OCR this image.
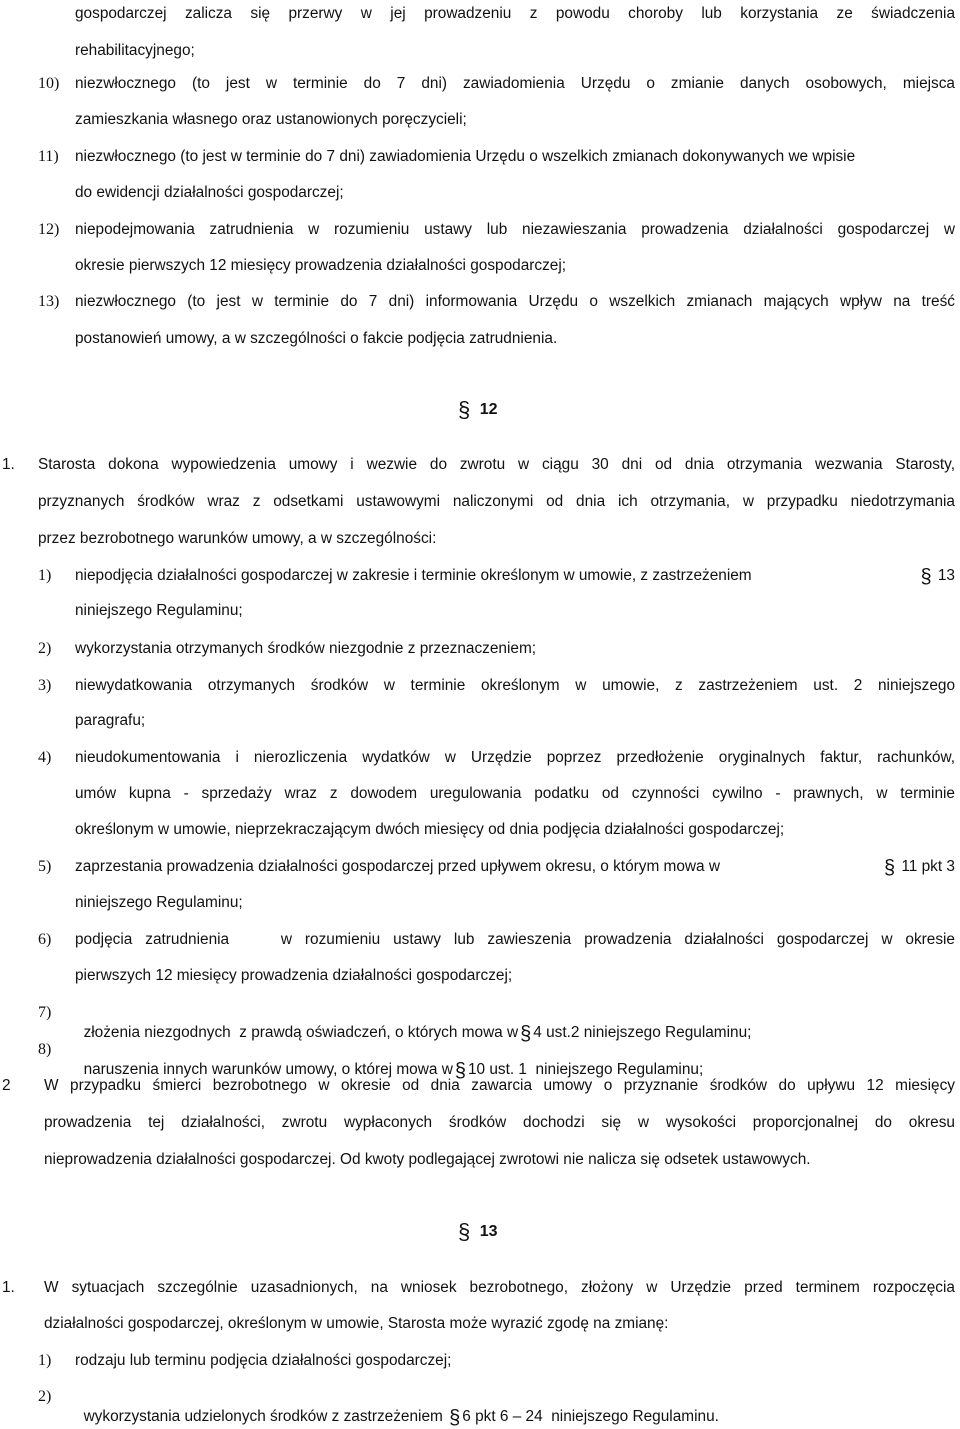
gospodarczej zalicza się przerwy w jej prowadzeniu z powodu choroby lub korzystania ze świadczenia
rehabilitacyjnego;
10) niezwłocznego (to jest w terminie do 7 dni) zawiadomienia Urzędu o zmianie danych osobowych, miejsca
zamieszkania własnego oraz ustanowionych poręczycieli;
11) niezwłocznego (to jest w terminie do 7 dni) zawiadomienia Urzędu o wszelkich zmianach dokonywanych we wpisie
do ewidencji działalności gospodarczej;
12) niepodejmowania zatrudnienia w rozumieniu ustawy lub niezawieszania prowadzenia działalności gospodarczej w
okresie pierwszych 12 miesięcy prowadzenia działalności gospodarczej;
13) niezwłocznego (to jest w terminie do 7 dni) informowania Urzędu o wszelkich zmianach mających wpływ na treść
postanowień umowy, a w szczególności o fakcie podjęcia zatrudnienia.
§ 12
1. Starosta dokona wypowiedzenia umowy i wezwie do zwrotu w ciągu 30 dni od dnia otrzymania wezwania Starosty,
przyznanych środków wraz z odsetkami ustawowymi naliczonymi od dnia ich otrzymania, w przypadku niedotrzymania
przez bezrobotnego warunków umowy, a w szczególności:
1) niepodjęcia działalności gospodarczej w zakresie i terminie określonym w umowie, z zastrzeżeniem	§ 13
niniejszego Regulaminu;
2) wykorzystania otrzymanych środków niezgodnie z przeznaczeniem;
3) niewydatkowania otrzymanych środków w terminie określonym w umowie, z zastrzeżeniem ust. 2 niniejszego
paragrafu;
4) nieudokumentowania i nierozliczenia wydatków w Urzędzie poprzez przedłożenie oryginalnych faktur, rachunków,
umów kupna - sprzedaży wraz z dowodem uregulowania podatku od czynności cywilno - prawnych, w terminie
określonym w umowie, nieprzekraczającym dwóch miesięcy od dnia podjęcia działalności gospodarczej;
5) zaprzestania prowadzenia działalności gospodarczej przed upływem okresu, o którym mowa w	§ 11 pkt 3
niniejszego Regulaminu;
6) podjęcia zatrudnienia    w rozumieniu ustawy lub zawieszenia prowadzenia działalności gospodarczej w okresie
pierwszych 12 miesięcy prowadzenia działalności gospodarczej;
7)

złożenia niezgodnych  z prawdą oświadczeń, o których mowa w § 4 ust.2 niniejszego Regulaminu;

8)

naruszenia innych warunków umowy, o której mowa w § 10 ust. 1  niniejszego Regulaminu;

2 W przypadku śmierci bezrobotnego w okresie od dnia zawarcia umowy o przyznanie środków do upływu 12 miesięcy
prowadzenia tej działalności, zwrotu wypłaconych środków dochodzi się w wysokości proporcjonalnej do okresu
nieprowadzenia działalności gospodarczej. Od kwoty podlegającej zwrotowi nie nalicza się odsetek ustawowych.
§ 13
1. W sytuacjach szczególnie uzasadnionych, na wniosek bezrobotnego, złożony w Urzędzie przed terminem rozpoczęcia
działalności gospodarczej, określonym w umowie, Starosta może wyrazić zgodę na zmianę:
1) rodzaju lub terminu podjęcia działalności gospodarczej;
2)

wykorzystania udzielonych środków z zastrzeżeniem § 6 pkt 6 – 24  niniejszego Regulaminu.
